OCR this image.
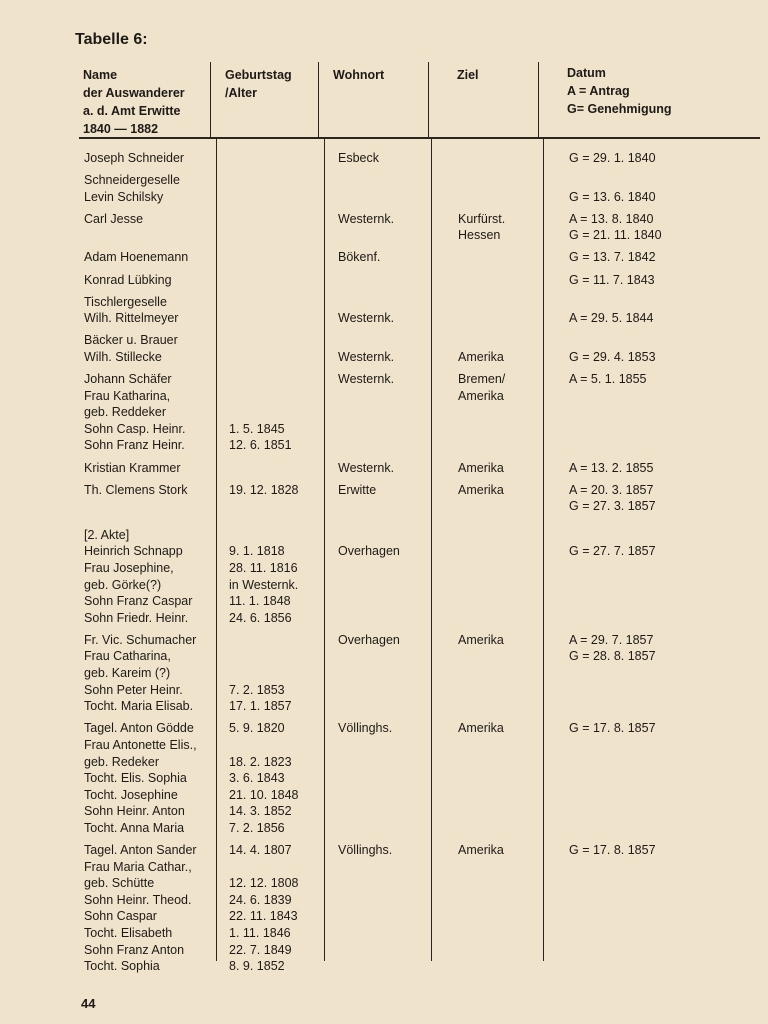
Tabelle 6:
Name
der Auswanderer
a. d. Amt Erwitte
1840 — 1882
Geburtstag
/Alter
Wohnort	Ziel	Datum
A = Antrag
G= Genehmigung
Joseph Schneider
Schneidergeselle
Levin Schilsky
Carl Jesse
Adam Hoenemann
Konrad Lübking
Tischlergeselle
Wilh. Rittelmeyer
Bäcker u. Brauer
Wilh. Stillecke
Johann Schäfer
Frau Katharina,
geb. Reddeker
Sohn Casp. Heinr.
Sohn Franz Heinr.
Kristian Krammer
Th. Clemens Stork
[2. Akte]
Heinrich Schnapp
Frau Josephine,
geb. Görke(?)
Sohn Franz Caspar
Sohn Friedr. Heinr.
Fr. Vic. Schumacher
Frau Catharina,
geb. Kareim (?)
Sohn Peter Heinr.
Tocht. Maria Elisab.
Tagel. Anton Gödde
Frau Antonette Elis.,
geb. Redeker
Tocht. Elis. Sophia
Tocht. Josephine
Sohn Heinr. Anton
Tocht. Anna Maria
Tagel. Anton Sander
Frau Maria Cathar.,
geb. Schütte
Sohn Heinr. Theod.
Sohn Caspar
Tocht. Elisabeth
Sohn Franz Anton
Tocht. Sophia
1. 5. 1845
12. 6. 1851
19. 12. 1828
9. 1. 1818
28. 11. 1816
in Westernk.
11. 1. 1848
24. 6. 1856
7. 2. 1853
17. 1. 1857
5. 9. 1820
18. 2. 1823
3. 6. 1843
21. 10. 1848
14. 3. 1852
7. 2. 1856
14. 4. 1807
12. 12. 1808
24. 6. 1839
22. 11. 1843
1. 11. 1846
22. 7. 1849
8. 9. 1852
Esbeck
Westernk.
Bökenf.
Westernk.
Westernk.
Westernk.
Westernk.
Erwitte
Overhagen
Overhagen
Völlinghs.
Völlinghs.
Kurfürst.
Hessen
Amerika
Bremen/
Amerika
Amerika
Amerika
Amerika
Amerika
Amerika
G = 29. 1. 1840
G = 13. 6. 1840
A = 13. 8. 1840
G = 21. 11. 1840
G = 13. 7. 1842
G = 11. 7. 1843
A = 29. 5. 1844
G = 29. 4. 1853
A = 5. 1. 1855
A = 13. 2. 1855
A = 20. 3. 1857
G = 27. 3. 1857
G = 27. 7. 1857
A = 29. 7. 1857
G = 28. 8. 1857
G = 17. 8. 1857
G = 17. 8. 1857
44
